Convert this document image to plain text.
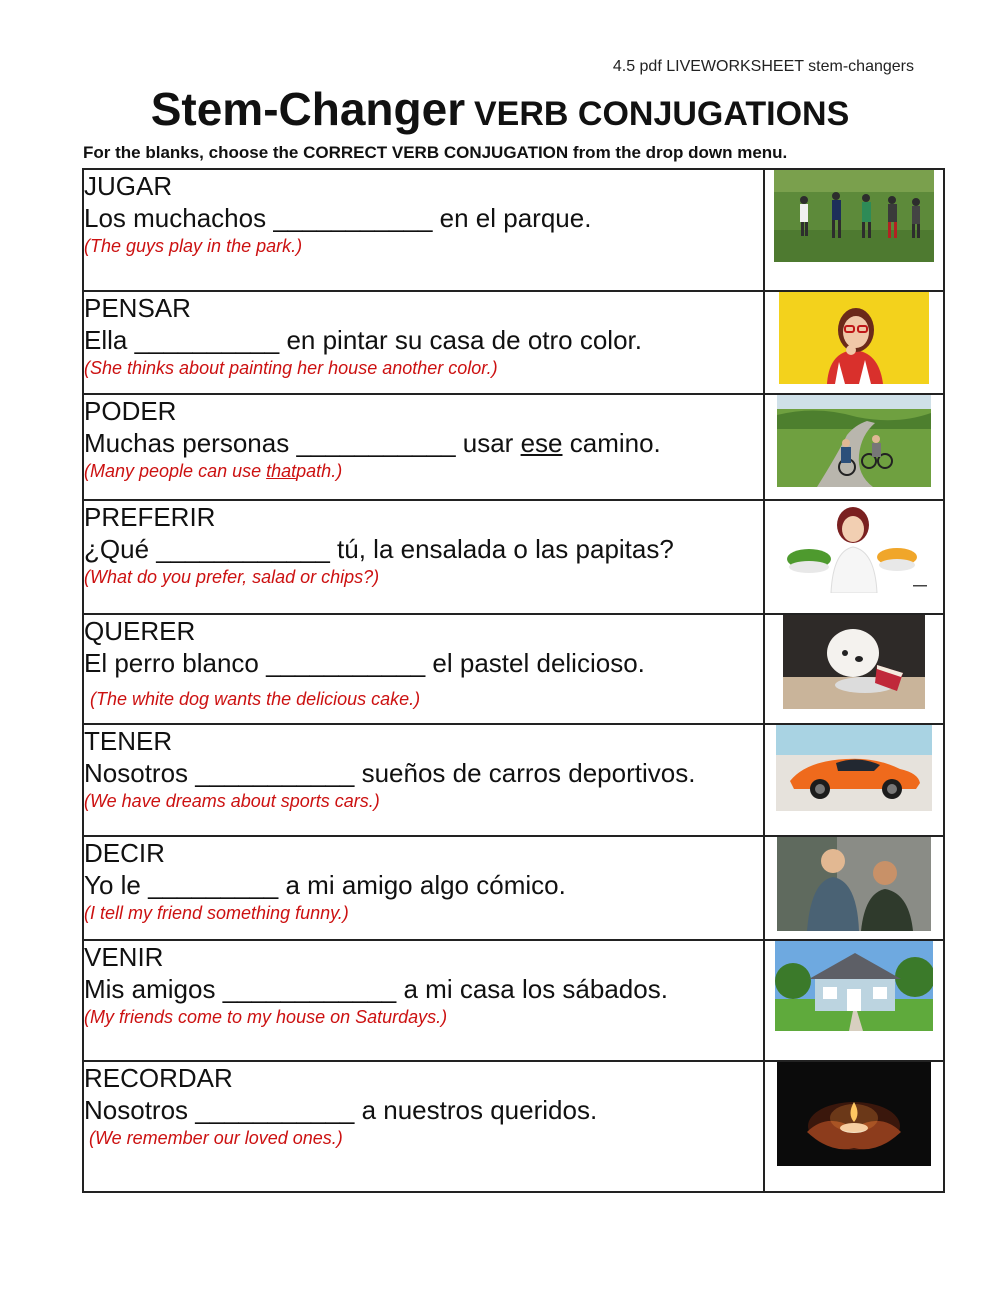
4.5 pdf LIVEWORKSHEET stem-changers
Stem-Changer VERB CONJUGATIONS
For the blanks, choose the CORRECT VERB CONJUGATION from the drop down menu.
JUGAR
Los muchachos ___________ en el parque.
(The guys play in the park.)

PENSAR
Ella __________ en pintar su casa de otro color.
(She thinks about painting her house another color.)

PODER
Muchas personas ___________ usar ese camino.
(Many people can use thatpath.)

PREFERIR
¿Qué ____________ tú, la ensalada o las papitas?
(What do you prefer, salad or chips?)

QUERER
El perro blanco ___________ el pastel delicioso.
(The white dog wants the delicious cake.)

TENER
Nosotros ___________ sueños de carros deportivos.
(We have dreams about sports cars.)

DECIR
Yo le _________ a mi amigo algo cómico.
(I tell my friend something funny.)

VENIR
Mis amigos ____________ a mi casa los sábados.
(My friends come to my house on Saturdays.)

RECORDAR
Nosotros ___________ a nuestros queridos.
(We remember our loved ones.)
